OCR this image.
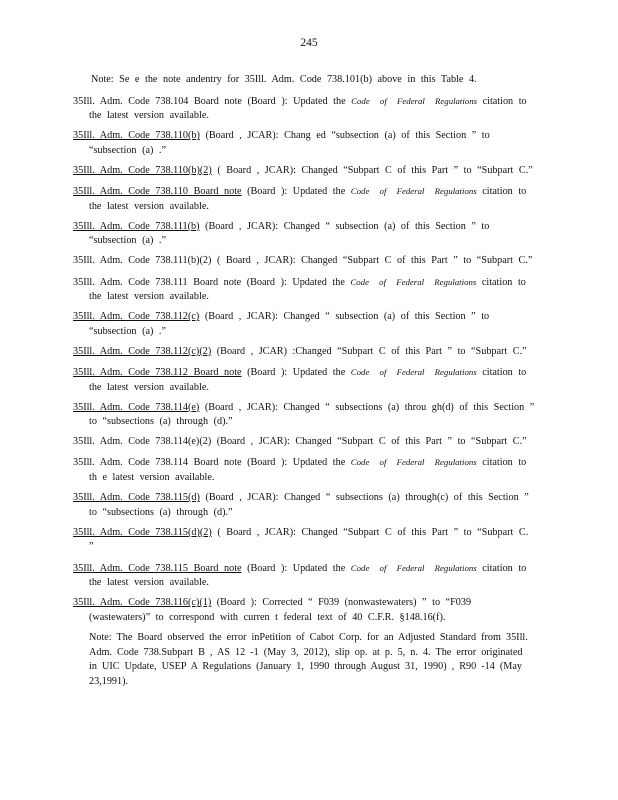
245
Note: Se e the note andentry for 35Ill. Adm. Code 738.101(b) above in this Table 4.
35Ill. Adm. Code 738.104 Board note (Board ): Updated the Code of Federal Regulations citation to the latest version available.
35Ill. Adm. Code 738.110(b) (Board , JCAR): Chang ed “subsection (a) of this Section ” to “subsection (a) .”
35Ill. Adm. Code 738.110(b)(2) ( Board , JCAR): Changed “Subpart C of this Part ” to “Subpart C.”
35Ill. Adm. Code 738.110 Board note (Board ): Updated the Code of Federal Regulations citation to the latest version available.
35Ill. Adm. Code 738.111(b) (Board , JCAR): Changed “ subsection (a) of this Section ” to “subsection (a) .”
35Ill. Adm. Code 738.111(b)(2) ( Board , JCAR): Changed “Subpart C of this Part ” to “Subpart C.”
35Ill. Adm. Code 738.111 Board note (Board ): Updated the Code of Federal Regulations citation to the latest version available.
35Ill. Adm. Code 738.112(c) (Board , JCAR): Changed “ subsection (a) of this Section ” to “subsection (a) .”
35Ill. Adm. Code 738.112(c)(2) (Board , JCAR) :Changed “Subpart C of this Part ” to “Subpart C.”
35Ill. Adm. Code 738.112 Board note (Board ): Updated the Code of Federal Regulations citation to the latest version available.
35Ill. Adm. Code 738.114(e) (Board , JCAR): Changed “ subsections (a) throu gh(d) of this Section ” to “subsections (a) through (d).”
35Ill. Adm. Code 738.114(e)(2) (Board , JCAR): Changed “Subpart C of this Part ” to “Subpart C.”
35Ill. Adm. Code 738.114 Board note (Board ): Updated the Code of Federal Regulations citation to th e latest version available.
35Ill. Adm. Code 738.115(d) (Board , JCAR): Changed “ subsections (a) through(c) of this Section ” to “subsections (a) through (d).”
35Ill. Adm. Code 738.115(d)(2) ( Board , JCAR): Changed “Subpart C of this Part ” to “Subpart C. ”
35Ill. Adm. Code 738.115 Board note (Board ): Updated the Code of Federal Regulations citation to the latest version available.
35Ill. Adm. Code 738.116(c)(1) (Board ): Corrected “ F039 (nonwastewaters) ” to “F039 (wastewaters)” to correspond with curren t federal text of 40 C.F.R. §148.16(f).
Note: The Board observed the error inPetition of Cabot Corp. for an Adjusted Standard from 35Ill. Adm. Code 738.Subpart B , AS 12 -1 (May 3, 2012), slip op. at p. 5, n. 4. The error originated in UIC Update, USEP A Regulations (January 1, 1990 through August 31, 1990) , R90 -14 (May 23,1991).
